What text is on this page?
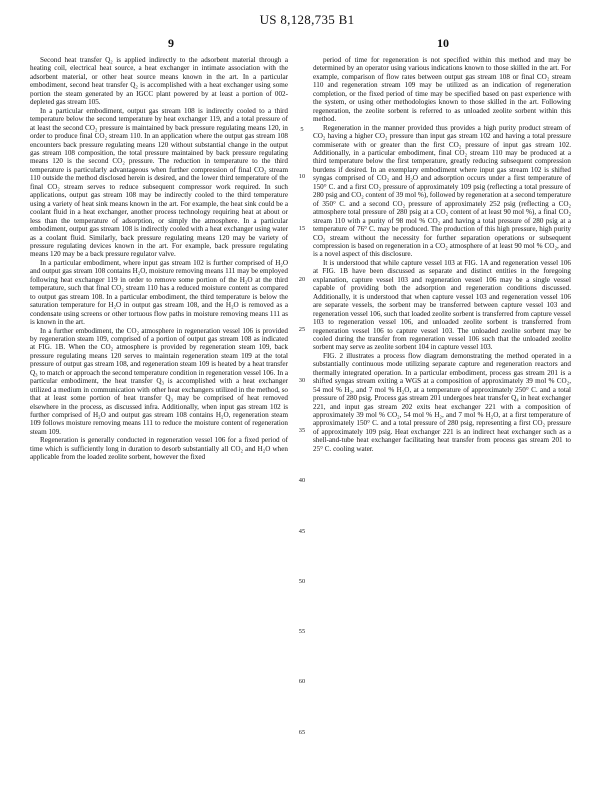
US 8,128,735 B1
9	10

Second heat transfer Q₂ is applied indirectly to the adsorbent material through a heating coil, electrical heat source, a heat exchanger in intimate association with the adsorbent material, or other heat source means known in the art. In a particular embodiment, second heat transfer Q₂ is accomplished with a heat exchanger using some portion the steam generated by an IGCC plant powered by at least a portion of 002-depleted gas stream 105.

In a particular embodiment, output gas stream 108 is indirectly cooled to a third temperature below the second temperature by heat exchanger 119, and a total pressure of at least the second CO₂ pressure is maintained by back pressure regulating means 120, in order to produce final CO₂ stream 110. In an application where the output gas stream 108 encounters back pressure regulating means 120 without substantial change in the output gas stream 108 composition, the total pressure maintained by back pressure regulating means 120 is the second CO₂ pressure. The reduction in temperature to the third temperature is particularly advantageous when further compression of final CO₂ stream 110 outside the method disclosed herein is desired, and the lower third temperature of the final CO₂ stream serves to reduce subsequent compressor work required. In such applications, output gas stream 108 may be indirectly cooled to the third temperature using a variety of heat sink means known in the art. For example, the heat sink could be a coolant fluid in a heat exchanger, another process technology requiring heat at about or less than the temperature of adsorption, or simply the atmosphere. In a particular embodiment, output gas stream 108 is indirectly cooled with a heat exchanger using water as a coolant fluid. Similarly, back pressure regulating means 120 may be variety of pressure regulating devices known in the art. For example, back pressure regulating means 120 may be a back pressure regulator valve.

In a particular embodiment, where input gas stream 102 is further comprised of H₂O and output gas stream 108 contains H₂O, moisture removing means 111 may be employed following heat exchanger 119 in order to remove some portion of the H₂O at the third temperature, such that final CO₂ stream 110 has a reduced moisture content as compared to output gas stream 108. In a particular embodiment, the third temperature is below the saturation temperature for H₂O in output gas stream 108, and the H₂O is removed as a condensate using screens or other tortuous flow paths in moisture removing means 111 as is known in the art.

In a further embodiment, the CO₂ atmosphere in regeneration vessel 106 is provided by regeneration steam 109, comprised of a portion of output gas stream 108 as indicated at FIG. 1B. When the CO₂ atmosphere is provided by regeneration steam 109, back pressure regulating means 120 serves to maintain regeneration steam 109 at the total pressure of output gas stream 108, and regeneration steam 109 is heated by a heat transfer Q₃ to match or approach the second temperature condition in regeneration vessel 106. In a particular embodiment, the heat transfer Q₃ is accomplished with a heat exchanger utilized a medium in communication with other heat exchangers utilized in the method, so that at least some portion of heat transfer Q₃ may be comprised of heat removed elsewhere in the process, as discussed infra. Additionally, when input gas stream 102 is further comprised of H₂O and output gas stream 108 contains H₂O, regeneration steam 109 follows moisture removing means 111 to reduce the moisture content of regeneration steam 109.

Regeneration is generally conducted in regeneration vessel 106 for a fixed period of time which is sufficiently long in duration to desorb substantially all CO₂ and H₂O when applicable from the loaded zeolite sorbent, however the fixed

period of time for regeneration is not specified within this method and may be determined by an operator using various indications known to those skilled in the art. For example, comparison of flow rates between output gas stream 108 or final CO₂ stream 110 and regeneration stream 109 may be utilized as an indication of regeneration completion, or the fixed period of time may be specified based on past experience with the system, or using other methodologies known to those skilled in the art. Following regeneration, the zeolite sorbent is referred to as unloaded zeolite sorbent within this method.

Regeneration in the manner provided thus provides a high purity product stream of CO₂ having a higher CO₂ pressure than input gas stream 102 and having a total pressure commiserate with or greater than the first CO₂ pressure of input gas stream 102. Additionally, in a particular embodiment, final CO₂ stream 110 may be produced at a third temperature below the first temperature, greatly reducing subsequent compression burdens if desired. In an exemplary embodiment where input gas stream 102 is shifted syngas comprised of CO₂ and H₂O and adsorption occurs under a first temperature of 150° C. and a first CO₂ pressure of approximately 109 psig (reflecting a total pressure of 280 psig and CO₂ content of 39 mol %), followed by regeneration at a second temperature of 350° C. and a second CO₂ pressure of approximately 252 psig (reflecting a CO₂ atmosphere total pressure of 280 psig at a CO₂ content of at least 90 mol %), a final CO₂ stream 110 with a purity of 98 mol % CO₂ and having a total pressure of 280 psig at a temperature of 76° C. may be produced. The production of this high pressure, high purity CO₂ stream without the necessity for further separation operations or subsequent compression is based on regeneration in a CO₂ atmosphere of at least 90 mol % CO₂, and is a novel aspect of this disclosure.

It is understood that while capture vessel 103 at FIG. 1A and regeneration vessel 106 at FIG. 1B have been discussed as separate and distinct entities in the foregoing explanation, capture vessel 103 and regeneration vessel 106 may be a single vessel capable of providing both the adsorption and regeneration conditions discussed. Additionally, it is understood that when capture vessel 103 and regeneration vessel 106 are separate vessels, the sorbent may be transferred between capture vessel 103 and regeneration vessel 106, such that loaded zeolite sorbent is transferred from capture vessel 103 to regeneration vessel 106, and unloaded zeolite sorbent is transferred from regeneration vessel 106 to capture vessel 103. The unloaded zeolite sorbent may be cooled during the transfer from regeneration vessel 106 such that the unloaded zeolite sorbent may serve as zeolite sorbent 104 in capture vessel 103.

FIG. 2 illustrates a process flow diagram demonstrating the method operated in a substantially continuous mode utilizing separate capture and regeneration reactors and thermally integrated operation. In a particular embodiment, process gas stream 201 is a shifted syngas stream exiting a WGS at a composition of approximately 39 mol % CO₂, 54 mol % H₂, and 7 mol % H₂O, at a temperature of approximately 250° C. and a total pressure of 280 psig. Process gas stream 201 undergoes heat transfer Q₄ in heat exchanger 221, and input gas stream 202 exits heat exchanger 221 with a composition of approximately 39 mol % CO₂, 54 mol % H₂, and 7 mol % H₂O, at a first temperature of approximately 150° C. and a total pressure of 280 psig, representing a first CO₂ pressure of approximately 109 psig. Heat exchanger 221 is an indirect heat exchanger such as a shell-and-tube heat exchanger facilitating heat transfer from process gas stream 201 to 25° C. cooling water.

5
10
15
20
25
30
35
40
45
50
55
60
65
